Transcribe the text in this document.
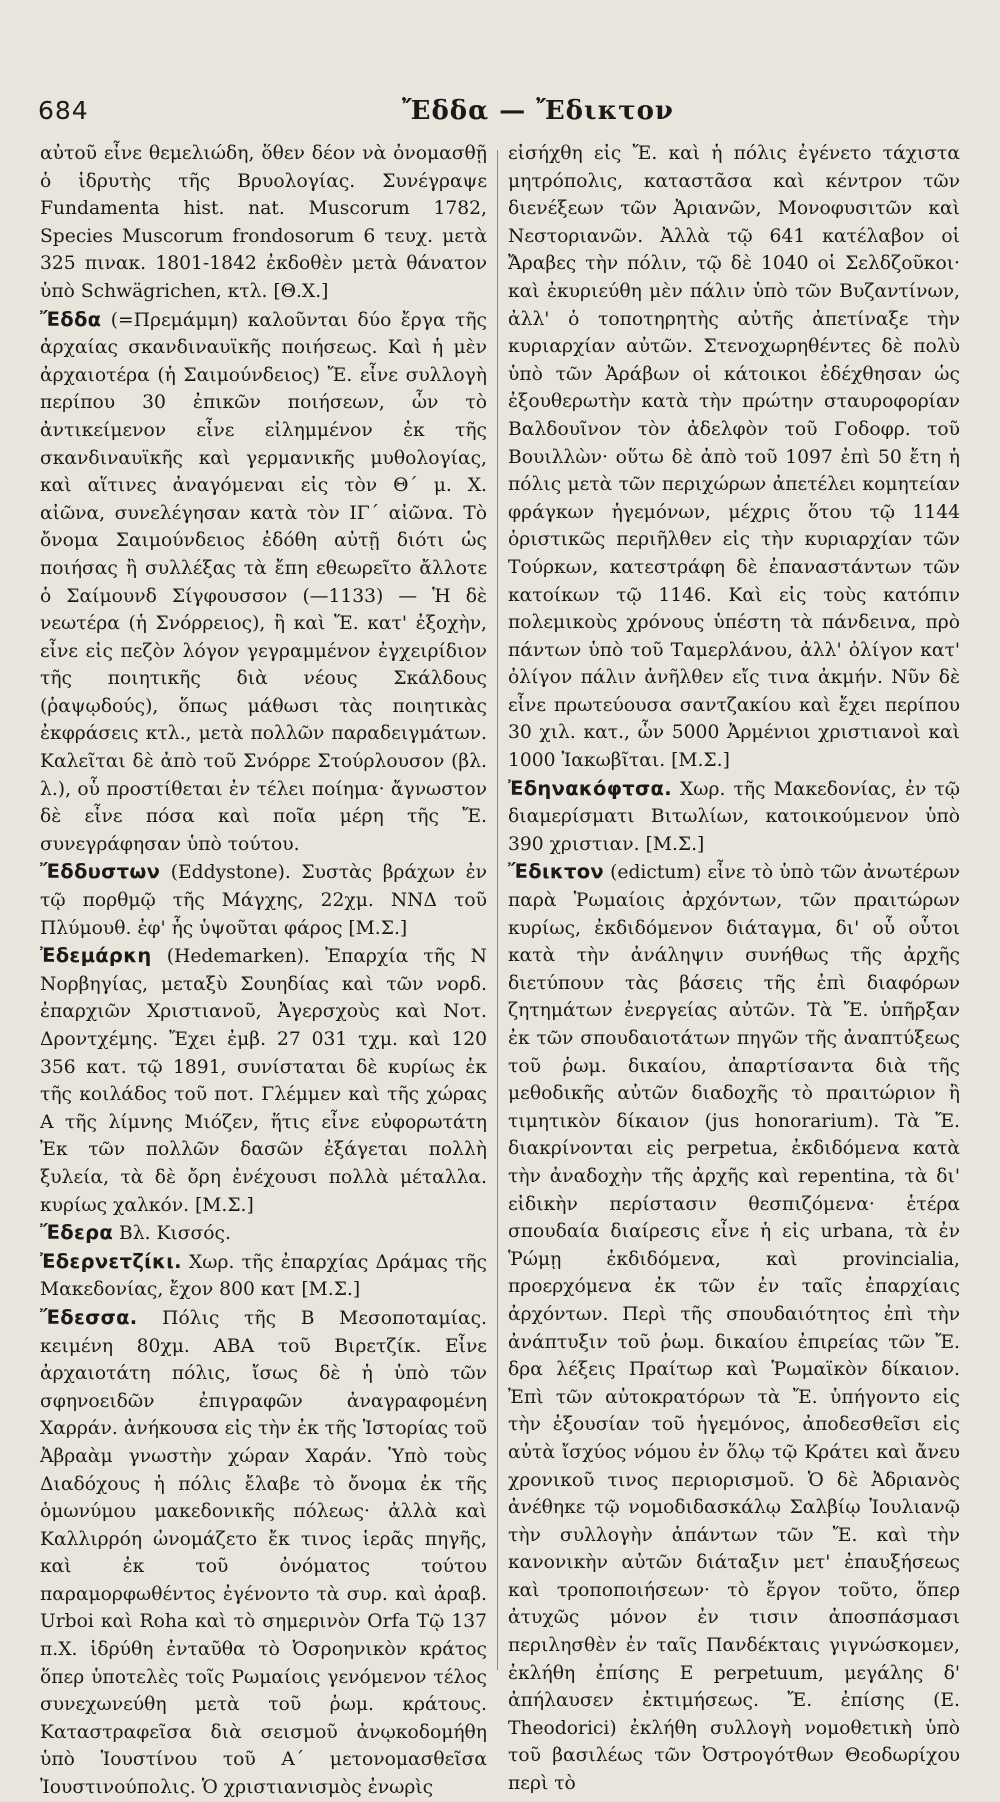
684	Ἔδδα — Ἔδικτον

αὐτοῦ εἶνε θεμελιώδη, ὅθεν δέον νὰ ὀνομασθῇ ὁ ἱδρυτὴς τῆς Βρυολογίας. Συνέγραψε Fundamenta hist. nat. Muscorum 1782, Species Muscorum frondosorum 6 τευχ. μετὰ 325 πινακ. 1801-1842 ἐκδοθὲν μετὰ θάνατον ὑπὸ Schwägrichen, κτλ. [Θ.Χ.]

Ἔδδα (=Πρεμάμμη) καλοῦνται δύο ἔργα τῆς ἀρχαίας σκανδιναυϊκῆς ποιήσεως. Καὶ ἡ μὲν ἀρχαιοτέρα (ἡ Σαιμούνδειος) Ἔ. εἶνε συλλογὴ περίπου 30 ἐπικῶν ποιήσεων, ὧν τὸ ἀντικείμενον εἶνε εἰλημμένον ἐκ τῆς σκανδιναυϊκῆς καὶ γερμανικῆς μυθολογίας, καὶ αἵτινες ἀναγόμεναι εἰς τὸν Θ΄ μ. Χ. αἰῶνα, συνελέγησαν κατὰ τὸν ΙΓ΄ αἰῶνα. Τὸ ὄνομα Σαιμούνδειος ἐδόθη αὐτῇ διότι ὡς ποιήσας ἢ συλλέξας τὰ ἔπη εθεωρεῖτο ἄλλοτε ὁ Σαίμουνδ Σίγφουσσον (—1133) — Ἡ δὲ νεωτέρα (ἡ Σνόρρειος), ἢ καὶ Ἔ. κατ' ἐξοχὴν, εἶνε εἰς πεζὸν λόγον γεγραμμένον ἐγχειρίδιον τῆς ποιητικῆς διὰ νέους Σκάλδους (ῥαψῳδούς), ὅπως μάθωσι τὰς ποιητικὰς ἐκφράσεις κτλ., μετὰ πολλῶν παραδειγμάτων. Καλεῖται δὲ ἀπὸ τοῦ Σνόρρε Στούρλουσον (βλ. λ.), οὗ προστίθεται ἐν τέλει ποίημα· ἄγνωστον δὲ εἶνε πόσα καὶ ποῖα μέρη τῆς Ἔ. συνεγράφησαν ὑπὸ τούτου.

Ἔδδυστων (Eddystone). Συστὰς βράχων ἐν τῷ πορθμῷ τῆς Μάγχης, 22χμ. ΝΝΔ τοῦ Πλύμουθ. ἐφ' ἧς ὑψοῦται φάρος [Μ.Σ.]

Ἐδεμάρκη (Hedemarken). Ἐπαρχία τῆς Ν Νορβηγίας, μεταξὺ Σουηδίας καὶ τῶν νορδ. ἐπαρχιῶν Χριστιανοῦ, Ἀγερσχοὺς καὶ Νοτ. Δροντχέμης. Ἔχει ἐμβ. 27 031 τχμ. καὶ 120 356 κατ. τῷ 1891, συνίσταται δὲ κυρίως ἐκ τῆς κοιλάδος τοῦ ποτ. Γλέμμεν καὶ τῆς χώρας Α τῆς λίμνης Μιόζεν, ἥτις εἶνε εὐφορωτάτη Ἐκ τῶν πολλῶν δασῶν ἐξάγεται πολλὴ ξυλεία, τὰ δὲ ὄρη ἐνέχουσι πολλὰ μέταλλα. κυρίως χαλκόν. [Μ.Σ.]

Ἔδερα Βλ. Κισσός.

Ἐδερνετζίκι. Χωρ. τῆς ἐπαρχίας Δράμας τῆς Μακεδονίας, ἔχον 800 κατ [Μ.Σ.]

Ἔδεσσα. Πόλις τῆς Β Μεσοποταμίας. κειμένη 80χμ. ΑΒΑ τοῦ Βιρετζίκ. Εἶνε ἀρχαιοτάτη πόλις, ἴσως δὲ ἡ ὑπὸ τῶν σφηνοειδῶν ἐπιγραφῶν ἀναγραφομένη Χαρράν. ἀνήκουσα εἰς τὴν ἐκ τῆς Ἱστορίας τοῦ Ἀβραὰμ γνωστὴν χώραν Χαράν. Ὑπὸ τοὺς Διαδόχους ἡ πόλις ἔλαβε τὸ ὄνομα ἐκ τῆς ὁμωνύμου μακεδονικῆς πόλεως· ἀλλὰ καὶ Καλλιρρόη ὠνομάζετο ἔκ τινος ἱερᾶς πηγῆς, καὶ ἐκ τοῦ ὀνόματος τούτου παραμορφωθέντος ἐγένοντο τὰ συρ. καὶ ἀραβ. Urboi καὶ Roha καὶ τὸ σημερινὸν Orfa Τῷ 137 π.Χ. ἱδρύθη ἐνταῦθα τὸ Ὀσροηνικὸν κράτος ὅπερ ὑποτελὲς τοῖς Ρωμαίοις γενόμενον τέλος συνεχωνεύθη μετὰ τοῦ ῥωμ. κράτους. Καταστραφεῖσα διὰ σεισμοῦ ἀνῳκοδομήθη ὑπὸ Ἰουστίνου τοῦ Α΄ μετονομασθεῖσα Ἰουστινούπολις. Ὁ χριστιανισμὸς ἐνωρὶς

εἰσήχθη εἰς Ἔ. καὶ ἡ πόλις ἐγένετο τάχιστα μητρόπολις, καταστᾶσα καὶ κέντρον τῶν διενέξεων τῶν Ἀριανῶν, Μονοφυσιτῶν καὶ Νεστοριανῶν. Ἀλλὰ τῷ 641 κατέλαβον οἱ Ἄραβες τὴν πόλιν, τῷ δὲ 1040 οἱ Σελδζοῦκοι· καὶ ἐκυριεύθη μὲν πάλιν ὑπὸ τῶν Βυζαντίνων, ἀλλ' ὁ τοποτηρητὴς αὐτῆς ἀπετίναξε τὴν κυριαρχίαν αὐτῶν. Στενοχωρηθέντες δὲ πολὺ ὑπὸ τῶν Ἀράβων οἱ κάτοικοι ἐδέχθησαν ὡς ἐξουθερωτὴν κατὰ τὴν πρώτην σταυροφορίαν Βαλδουῖνον τὸν ἀδελφὸν τοῦ Γοδοφρ. τοῦ Βουιλλὼν· οὕτω δὲ ἀπὸ τοῦ 1097 ἐπὶ 50 ἔτη ἡ πόλις μετὰ τῶν περιχώρων ἀπετέλει κομητείαν φράγκων ἡγεμόνων, μέχρις ὅτου τῷ 1144 ὁριστικῶς περιῆλθεν εἰς τὴν κυριαρχίαν τῶν Τούρκων, κατεστράφη δὲ ἐπαναστάντων τῶν κατοίκων τῷ 1146. Καὶ εἰς τοὺς κατόπιν πολεμικοὺς χρόνους ὑπέστη τὰ πάνδεινα, πρὸ πάντων ὑπὸ τοῦ Ταμερλάνου, ἀλλ' ὀλίγον κατ' ὀλίγον πάλιν ἀνῆλθεν εἴς τινα ἀκμήν. Νῦν δὲ εἶνε πρωτεύουσα σαντζακίου καὶ ἔχει περίπου 30 χιλ. κατ., ὧν 5000 Ἀρμένιοι χριστιανοὶ καὶ 1000 Ἰακωβῖται. [Μ.Σ.]

Ἐδηνακόφτσα. Χωρ. τῆς Μακεδονίας, ἐν τῷ διαμερίσματι Βιτωλίων, κατοικούμενον ὑπὸ 390 χριστιαν. [Μ.Σ.]

Ἔδικτον (edictum) εἶνε τὸ ὑπὸ τῶν ἀνωτέρων παρὰ Ῥωμαίοις ἀρχόντων, τῶν πραιτώρων κυρίως, ἐκδιδόμενον διάταγμα, δι' οὗ οὗτοι κατὰ τὴν ἀνάληψιν συνήθως τῆς ἀρχῆς διετύπουν τὰς βάσεις τῆς ἐπὶ διαφόρων ζητημάτων ἐνεργείας αὐτῶν. Τὰ Ἔ. ὑπῆρξαν ἐκ τῶν σπουδαιοτάτων πηγῶν τῆς ἀναπτύξεως τοῦ ῥωμ. δικαίου, ἀπαρτίσαντα διὰ τῆς μεθοδικῆς αὐτῶν διαδοχῆς τὸ πραιτώριον ἢ τιμητικὸν δίκαιον (jus honorarium). Τὰ Ἔ. διακρίνονται εἰς perpetua, ἐκδιδόμενα κατὰ τὴν ἀναδοχὴν τῆς ἀρχῆς καὶ repentina, τὰ δι' εἰδικὴν περίστασιν θεσπιζόμενα· ἑτέρα σπουδαία διαίρεσις εἶνε ἡ εἰς urbana, τὰ ἐν Ῥώμῃ ἐκδιδόμενα, καὶ provincialia, προερχόμενα ἐκ τῶν ἐν ταῖς ἐπαρχίαις ἀρχόντων. Περὶ τῆς σπουδαιότητος ἐπὶ τὴν ἀνάπτυξιν τοῦ ῥωμ. δικαίου ἐπιρείας τῶν Ἔ. δρα λέξεις Πραίτωρ καὶ Ῥωμαϊκὸν δίκαιον. Ἐπὶ τῶν αὐτοκρατόρων τὰ Ἔ. ὑπήγοντο εἰς τὴν ἐξουσίαν τοῦ ἡγεμόνος, ἀποδεσθεῖσι εἰς αὐτὰ ἴσχύος νόμου ἐν ὅλῳ τῷ Κράτει καὶ ἄνευ χρονικοῦ τινος περιορισμοῦ. Ὁ δὲ Ἀδριανὸς ἀνέθηκε τῷ νομοδιδασκάλῳ Σαλβίῳ Ἰουλιανῷ τὴν συλλογὴν ἁπάντων τῶν Ἔ. καὶ τὴν κανονικὴν αὐτῶν διάταξιν μετ' ἐπαυξήσεως καὶ τροποποιήσεων· τὸ ἔργον τοῦτο, ὅπερ ἀτυχῶς μόνον ἐν τισιν ἀποσπάσμασι περιλησθὲν ἐν ταῖς Πανδέκταις γιγνώσκομεν, ἐκλήθη ἐπίσης E perpetuum, μεγάλης δ' ἀπήλαυσεν ἐκτιμήσεως. Ἔ. ἐπίσης (E. Theodorici) ἐκλήθη συλλογὴ νομοθετικὴ ὑπὸ τοῦ βασιλέως τῶν Ὀστρογότθων Θεοδωρίχου περὶ τὸ
